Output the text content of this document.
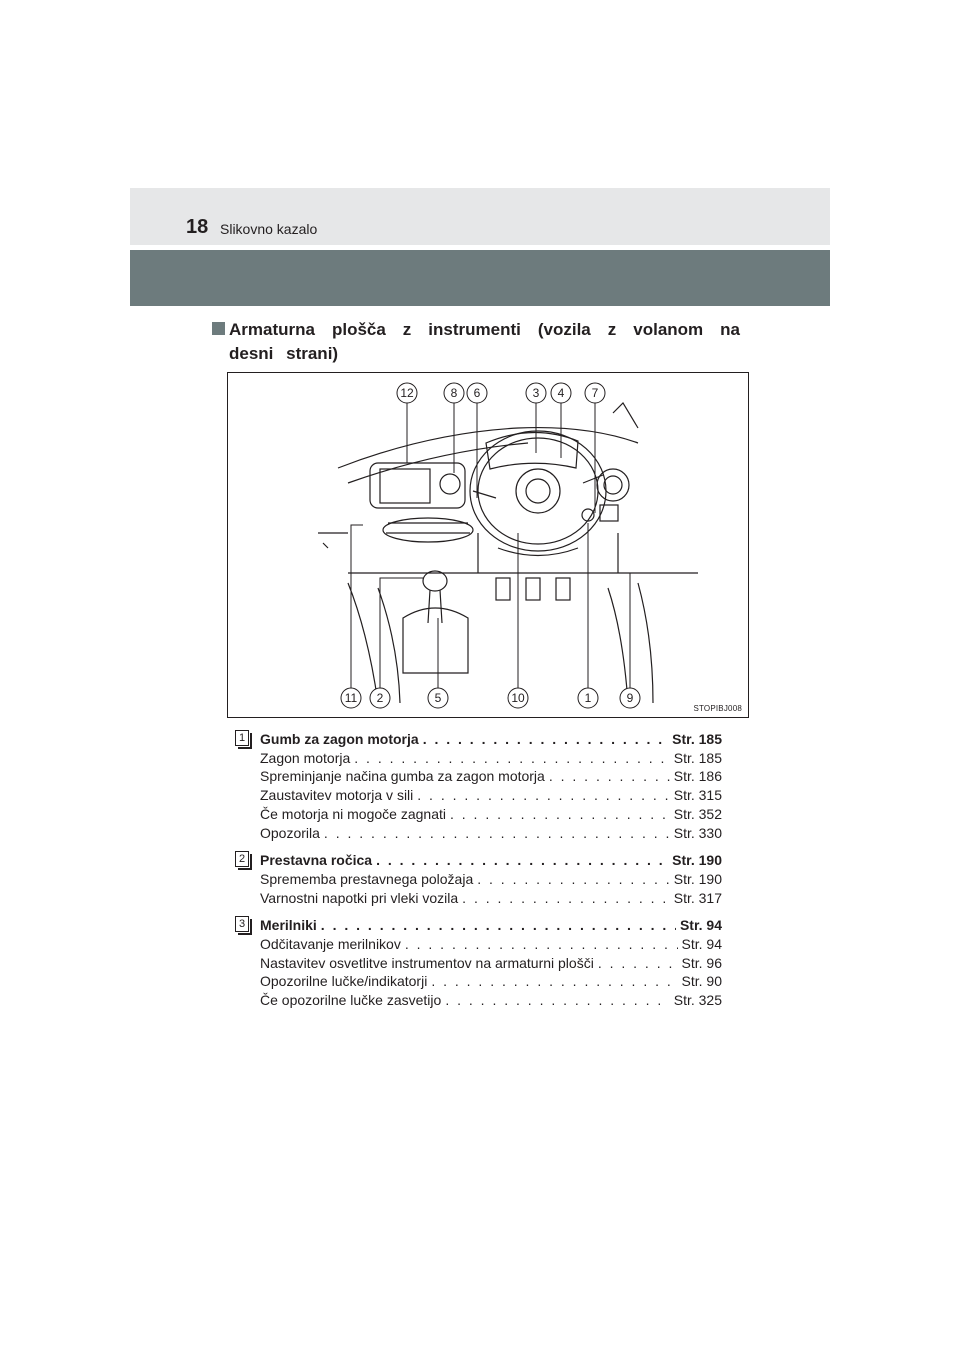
18 Slikovno kazalo
Armaturna plošča z instrumenti (vozila z volanom na desni strani)
12	8 6	3 4 7
11 2	5	10	1	9
STOPIBJ008
1 Gumb za zagon motorja . . .	Str. 185
Zagon motorja . . .	Str. 185
Spreminjanje načina gumba za zagon motorja . . .	Str. 186
Zaustavitev motorja v sili . . .	Str. 315
Če motorja ni mogoče zagnati . . .	Str. 352
Opozorila . . .	Str. 330
2 Prestavna ročica . . .	Str. 190
Sprememba prestavnega položaja . . .	Str. 190
Varnostni napotki pri vleki vozila . . .	Str. 317
3 Merilniki . . .	Str. 94
Odčitavanje merilnikov . . .	Str. 94
Nastavitev osvetlitve instrumentov na armaturni plošči . . .	Str. 96
Opozorilne lučke/indikatorji . . .	Str. 90
Če opozorilne lučke zasvetijo . . .	Str. 325
